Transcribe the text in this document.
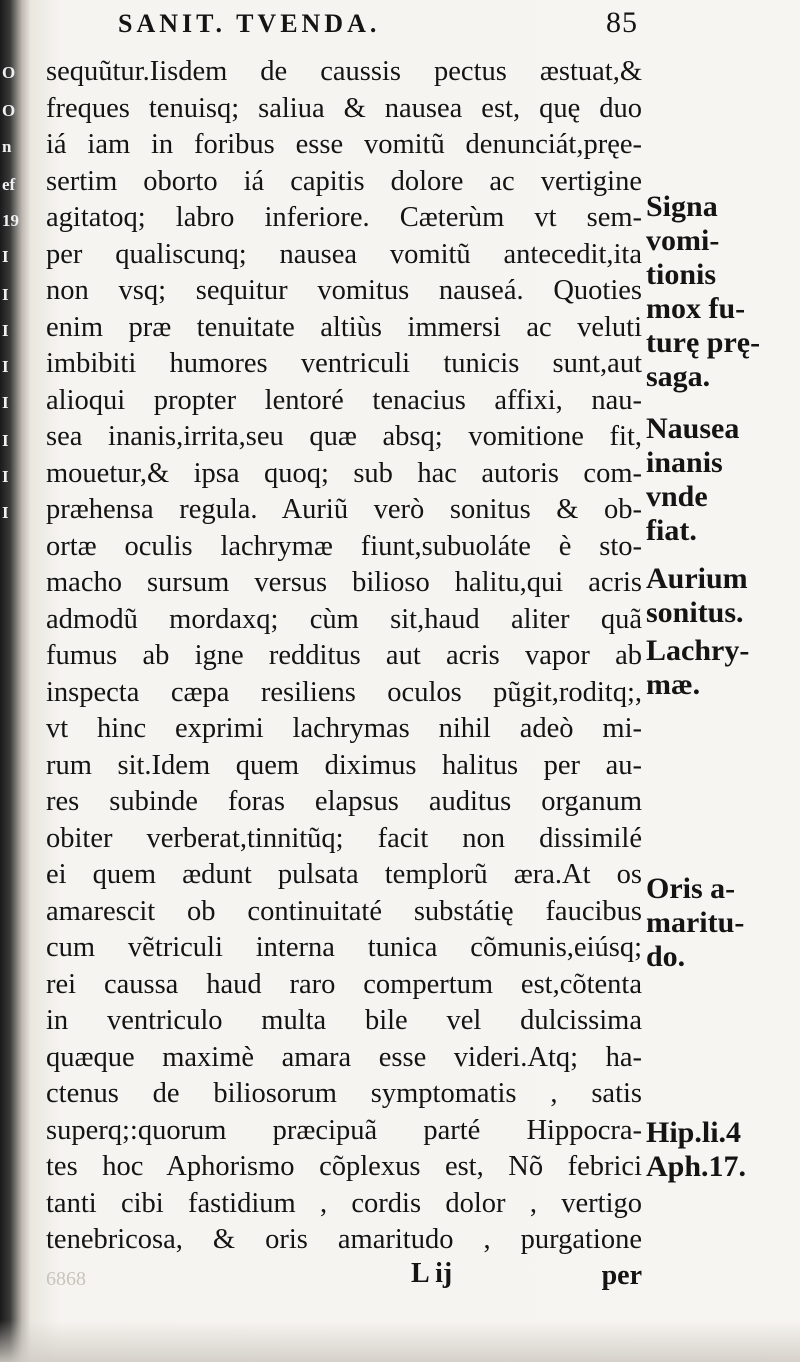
O
O
n
ef
19
I
I
I
I
I
I
I
I
SANIT. TVENDA.	85
sequũtur.Iisdem de caussis pectus æstuat,&
freques tenuisq; saliua & nausea est, quę duo
iá iam in foribus esse vomitũ denunciát,pręe-
sertim oborto iá capitis dolore ac vertigine
agitatoq; labro inferiore. Cæterùm vt sem-
per qualiscunq; nausea vomitũ antecedit,ita
non vsq; sequitur vomitus nauseá. Quoties
enim præ tenuitate altiùs immersi ac veluti
imbibiti humores ventriculi tunicis sunt,aut
alioqui propter lentoré tenacius affixi, nau-
sea inanis,irrita,seu quæ absq; vomitione fit,
mouetur,& ipsa quoq; sub hac autoris com-
præhensa regula. Auriũ verò sonitus & ob-
ortæ oculis lachrymæ fiunt,subuoláte è sto-
macho sursum versus bilioso halitu,qui acris
admodũ mordaxq; cùm sit,haud aliter quã
fumus ab igne redditus aut acris vapor ab
inspecta cæpa resiliens oculos pũgit,roditq;,
vt hinc exprimi lachrymas nihil adeò mi-
rum sit.Idem quem diximus halitus per au-
res subinde foras elapsus auditus organum
obiter verberat,tinnitũq; facit non dissimilé
ei quem ædunt pulsata templorũ æra.At os
amarescit ob continuitaté substátię faucibus
cum vẽtriculi interna tunica cõmunis,eiúsq;
rei caussa haud raro compertum est,cõtenta
in ventriculo multa bile vel dulcissima
quæque maximè amara esse videri.Atq; ha-
ctenus de biliosorum symptomatis , satis
superq;:quorum præcipuã parté Hippocra-
tes hoc Aphorismo cõplexus est, Nõ febrici
tanti cibi fastidium , cordis dolor , vertigo
tenebricosa, & oris amaritudo , purgatione
Signa
vomi-
tionis
mox fu-
turę prę-
saga.
Nausea
inanis
vnde
fiat.
Aurium
sonitus.
Lachry-
mæ.
Oris a-
maritu-
do.
Hip.li.4
Aph.17.
6868	L ij	per
